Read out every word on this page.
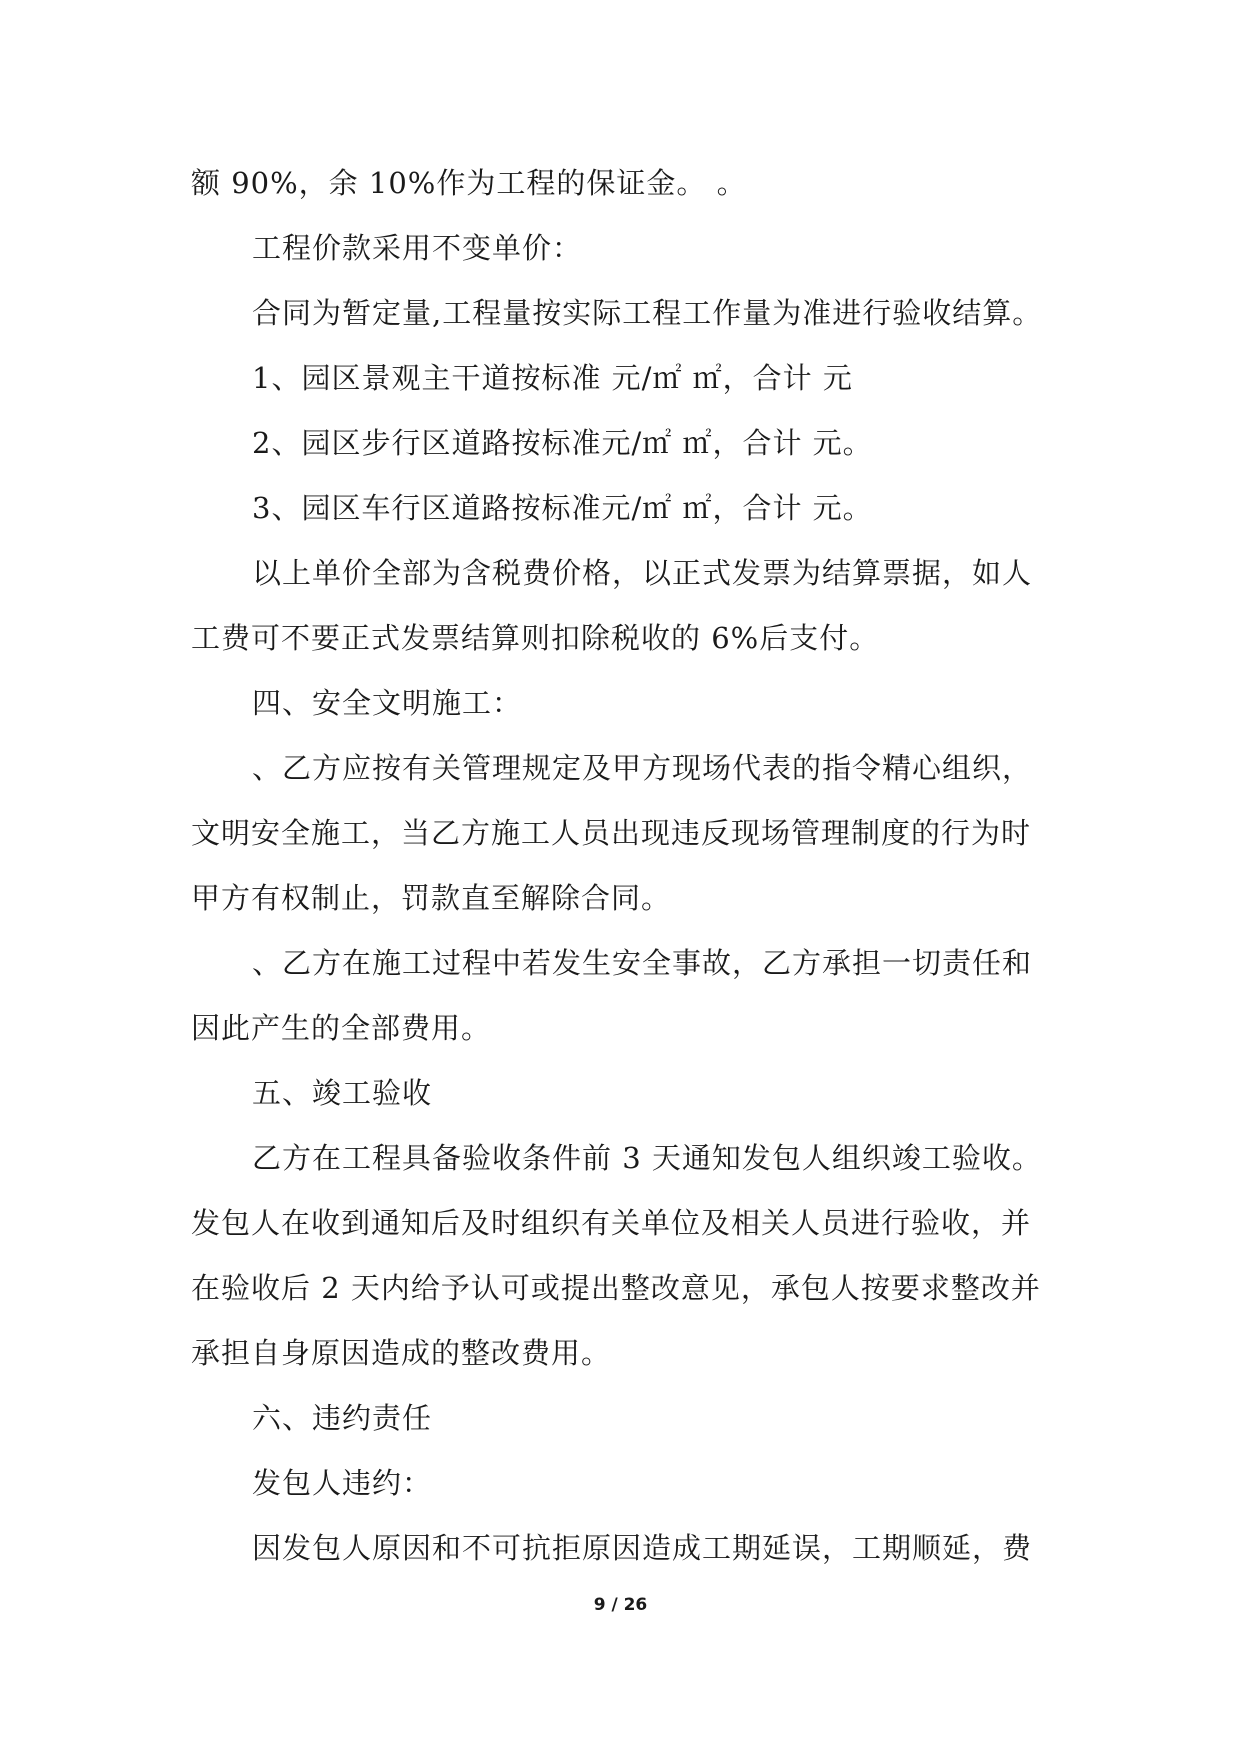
额 90%，余 10%作为工程的保证金。 。

工程价款采用不变单价：

合同为暂定量,工程量按实际工程工作量为准进行验收结算。

1、园区景观主干道按标准 元/㎡ ㎡，合计 元

2、园区步行区道路按标准元/㎡ ㎡，合计 元。

3、园区车行区道路按标准元/㎡ ㎡，合计 元。

以上单价全部为含税费价格，以正式发票为结算票据，如人

工费可不要正式发票结算则扣除税收的 6%后支付。

四、安全文明施工：

、乙方应按有关管理规定及甲方现场代表的指令精心组织，

文明安全施工，当乙方施工人员出现违反现场管理制度的行为时

甲方有权制止，罚款直至解除合同。

、乙方在施工过程中若发生安全事故，乙方承担一切责任和

因此产生的全部费用。

五、竣工验收

乙方在工程具备验收条件前 3 天通知发包人组织竣工验收。

发包人在收到通知后及时组织有关单位及相关人员进行验收，并

在验收后 2 天内给予认可或提出整改意见，承包人按要求整改并

承担自身原因造成的整改费用。

六、违约责任

发包人违约：

因发包人原因和不可抗拒原因造成工期延误，工期顺延，费

9 / 26
